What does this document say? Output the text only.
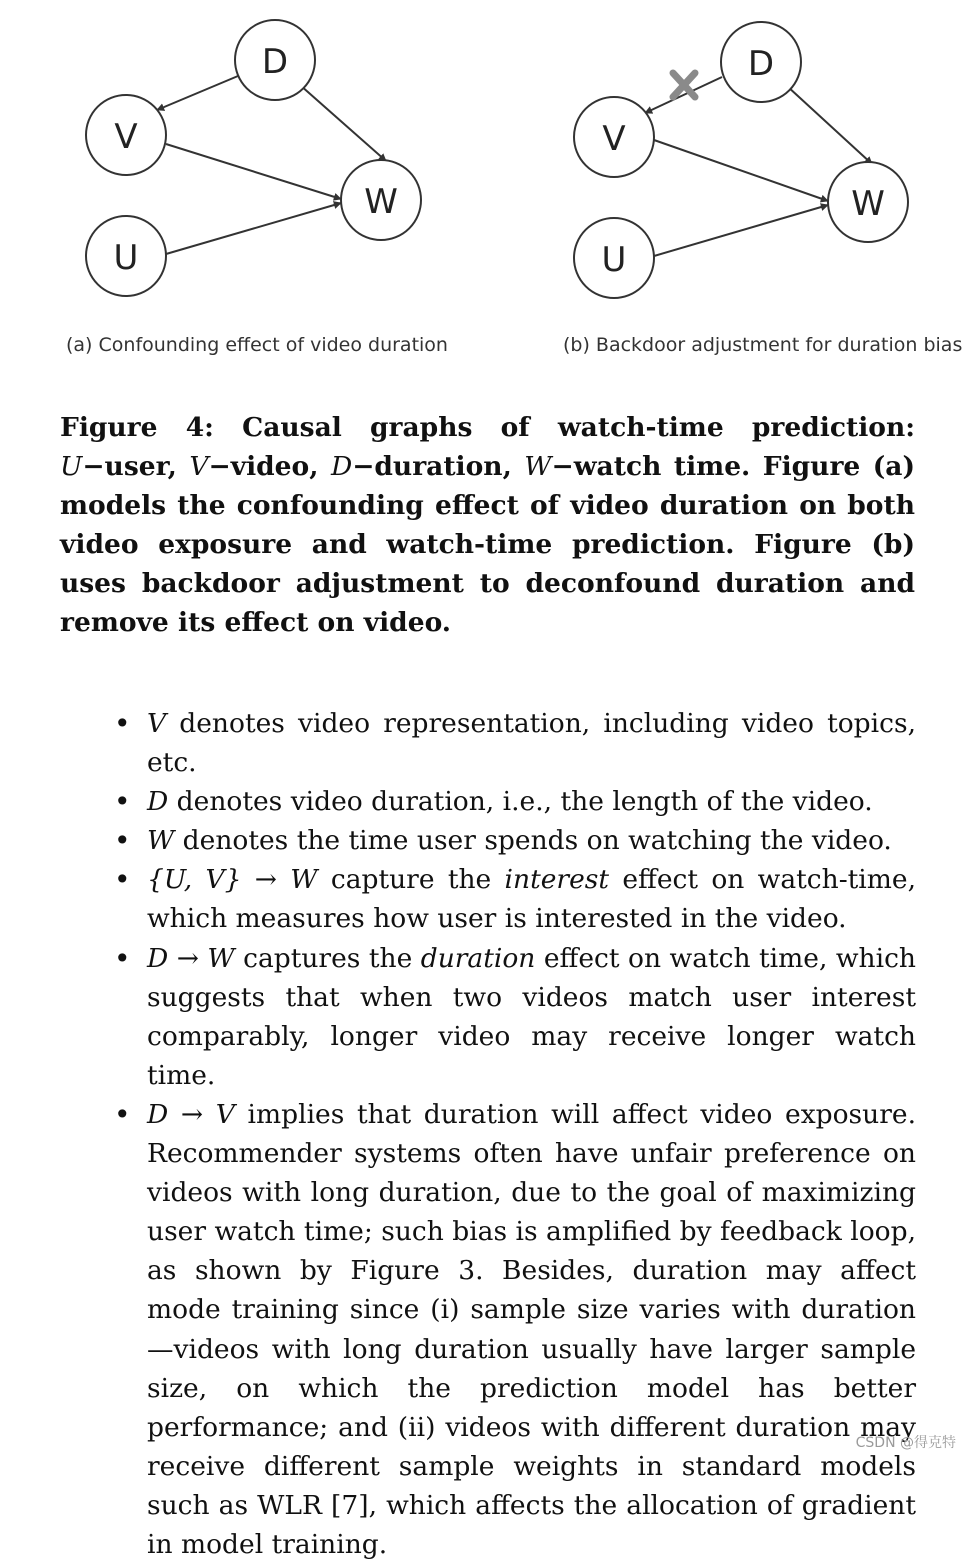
D
V
W
U
D
V
W
U
(a) Confounding effect of video duration	(b) Backdoor adjustment for duration bias
Figure 4: Causal graphs of watch-time prediction: U−user, V−video, D−duration, W−watch time. Figure (a) models the confounding effect of video duration on both video exposure and watch-time prediction. Figure (b) uses backdoor adjustment to deconfound duration and remove its effect on video.
• V denotes video representation, including video topics, etc.
• D denotes video duration, i.e., the length of the video.
• W denotes the time user spends on watching the video.
• {U, V} → W capture the interest effect on watch-time, which measures how user is interested in the video.
• D → W captures the duration effect on watch time, which suggests that when two videos match user interest comparably, longer video may receive longer watch time.
• D → V implies that duration will affect video exposure. Recommender systems often have unfair preference on videos with long duration, due to the goal of maximizing user watch time; such bias is amplified by feedback loop, as shown by Figure 3. Besides, duration may affect mode training since (i) sample size varies with duration—videos with long duration usually have larger sample size, on which the prediction model has better performance; and (ii) videos with different duration may receive different sample weights in standard models such as WLR [7], which affects the allocation of gradient in model training.
CSDN @得克特
